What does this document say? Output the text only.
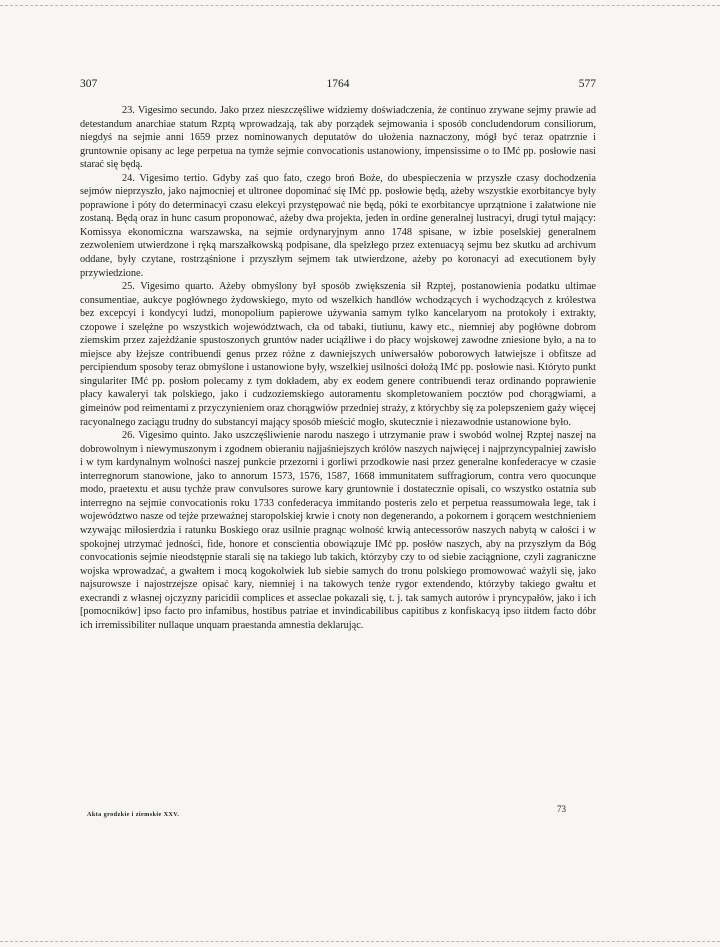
307	1764	577

23. Vigesimo secundo. Jako przez nieszczęśliwe widziemy doświadczenia, że continuo zrywane sejmy prawie ad detestandum anarchiae statum Rzptą wprowadzają, tak aby porządek sejmowania i sposób concludendorum consiliorum, niegdyś na sejmie anni 1659 przez nominowanych deputatów do ułożenia naznaczony, mógł być teraz opatrznie i gruntownie opisany ac lege perpetua na tymże sejmie convocationis ustanowiony, impensissime o to IMć pp. posłowie nasi starać się będą.

24. Vigesimo tertio. Gdyby zaś quo fato, czego broń Boże, do ubespieczenia w przyszłe czasy dochodzenia sejmów nieprzyszło, jako najmocniej et ultronee dopominać się IMć pp. posłowie będą, ażeby wszystkie exorbitancye były poprawione i póty do determinacyi czasu elekcyi przystępować nie będą, póki te exorbitancye uprzątnione i załatwione nie zostaną. Będą oraz in hunc casum proponować, ażeby dwa projekta, jeden in ordine generalnej lustracyi, drugi tytuł mający: Komissya ekonomiczna warszawska, na sejmie ordynaryjnym anno 1748 spisane, w izbie poselskiej generalnem zezwoleniem utwierdzone i ręką marszałkowską podpisane, dla spełzłego przez extenuacyą sejmu bez skutku ad archivum oddane, były czytane, rostrząśnione i przyszłym sejmem tak utwierdzone, ażeby po koronacyi ad executionem były przywiedzione.

25. Vigesimo quarto. Ażeby obmyślony był sposób zwiększenia sił Rzptej, postanowienia podatku ultimae consumentiae, aukcye pogłównego żydowskiego, myto od wszelkich handlów wchodzących i wychodzących z królestwa bez excepcyi i kondycyi ludzi, monopolium papierowe używania samym tylko kancelaryom na protokoły i extrakty, czopowe i szelężne po wszystkich województwach, cła od tabaki, tiutiunu, kawy etc., niemniej aby pogłówne dobrom ziemskim przez zajeżdżanie spustoszonych gruntów nader uciążliwe i do płacy wojskowej zawodne zniesione było, a na to miejsce aby łżejsze contribuendi genus przez różne z dawniejszych uniwersałów poborowych łatwiejsze i obfitsze ad percipiendum sposoby teraz obmyślone i ustanowione były, wszelkiej usilności dołożą IMć pp. posłowie nasi. Któryto punkt singulariter IMć pp. posłom polecamy z tym dokładem, aby ex eodem genere contribuendi teraz ordinando poprawienie płacy kawaleryi tak polskiego, jako i cudzoziemskiego autoramentu skompletowaniem pocztów pod chorągwiami, a gimeinów pod reimentami z przyczynieniem oraz chorągwiów przedniej straży, z którychby się za polepszeniem gaży więcej racyonalnego zaciągu trudny do substancyi mający sposób mieścić mogło, skutecznie i niezawodnie ustanowione było.

26. Vigesimo quinto. Jako uszczęśliwienie narodu naszego i utrzymanie praw i swobód wolnej Rzptej naszej na dobrowolnym i niewymuszonym i zgodnem obieraniu najjaśniejszych królów naszych najwięcej i najprzyncypalniej zawisło i w tym kardynalnym wolności naszej punkcie przezorni i gorliwi przodkowie nasi przez generalne konfederacye w czasie interregnorum stanowione, jako to annorum 1573, 1576, 1587, 1668 immunitatem suffragiorum, contra vero quocunque modo, praetextu et ausu tychże praw convulsores surowe kary gruntownie i dostatecznie opisali, co wszystko ostatnia sub interregno na sejmie convocationis roku 1733 confederacya immitando posteris zelo et perpetua reassumowała lege, tak i województwo nasze od tejże przeważnej staropolskiej krwie i cnoty non degenerando, a pokornem i gorącem westchnieniem wzywając miłosierdzia i ratunku Boskiego oraz usilnie pragnąc wolność krwią antecessorów naszych nabytą w całości i w spokojnej utrzymać jedności, fide, honore et conscientia obowiązuje IMć pp. posłów naszych, aby na przyszłym da Bóg convocationis sejmie nieodstępnie starali się na takiego lub takich, którzyby czy to od siebie zaciągnione, czyli zagraniczne wojska wprowadzać, a gwałtem i mocą kogokolwiek lub siebie samych do tronu polskiego promowować ważyli się, jako najsurowsze i najostrzejsze opisać kary, niemniej i na takowych tenże rygor extendendo, którzyby takiego gwałtu et execrandi z własnej ojczyzny paricidii complices et asseclae pokazali się, t. j. tak samych autorów i pryncypałów, jako i ich [pomocników] ipso facto pro infamibus, hostibus patriae et invindicabilibus capitibus z konfiskacyą ipso iitdem facto dóbr ich irremissibiliter nullaque unquam praestanda amnestia deklarując.

Akta grodzkie i ziemskie XXV.
73
